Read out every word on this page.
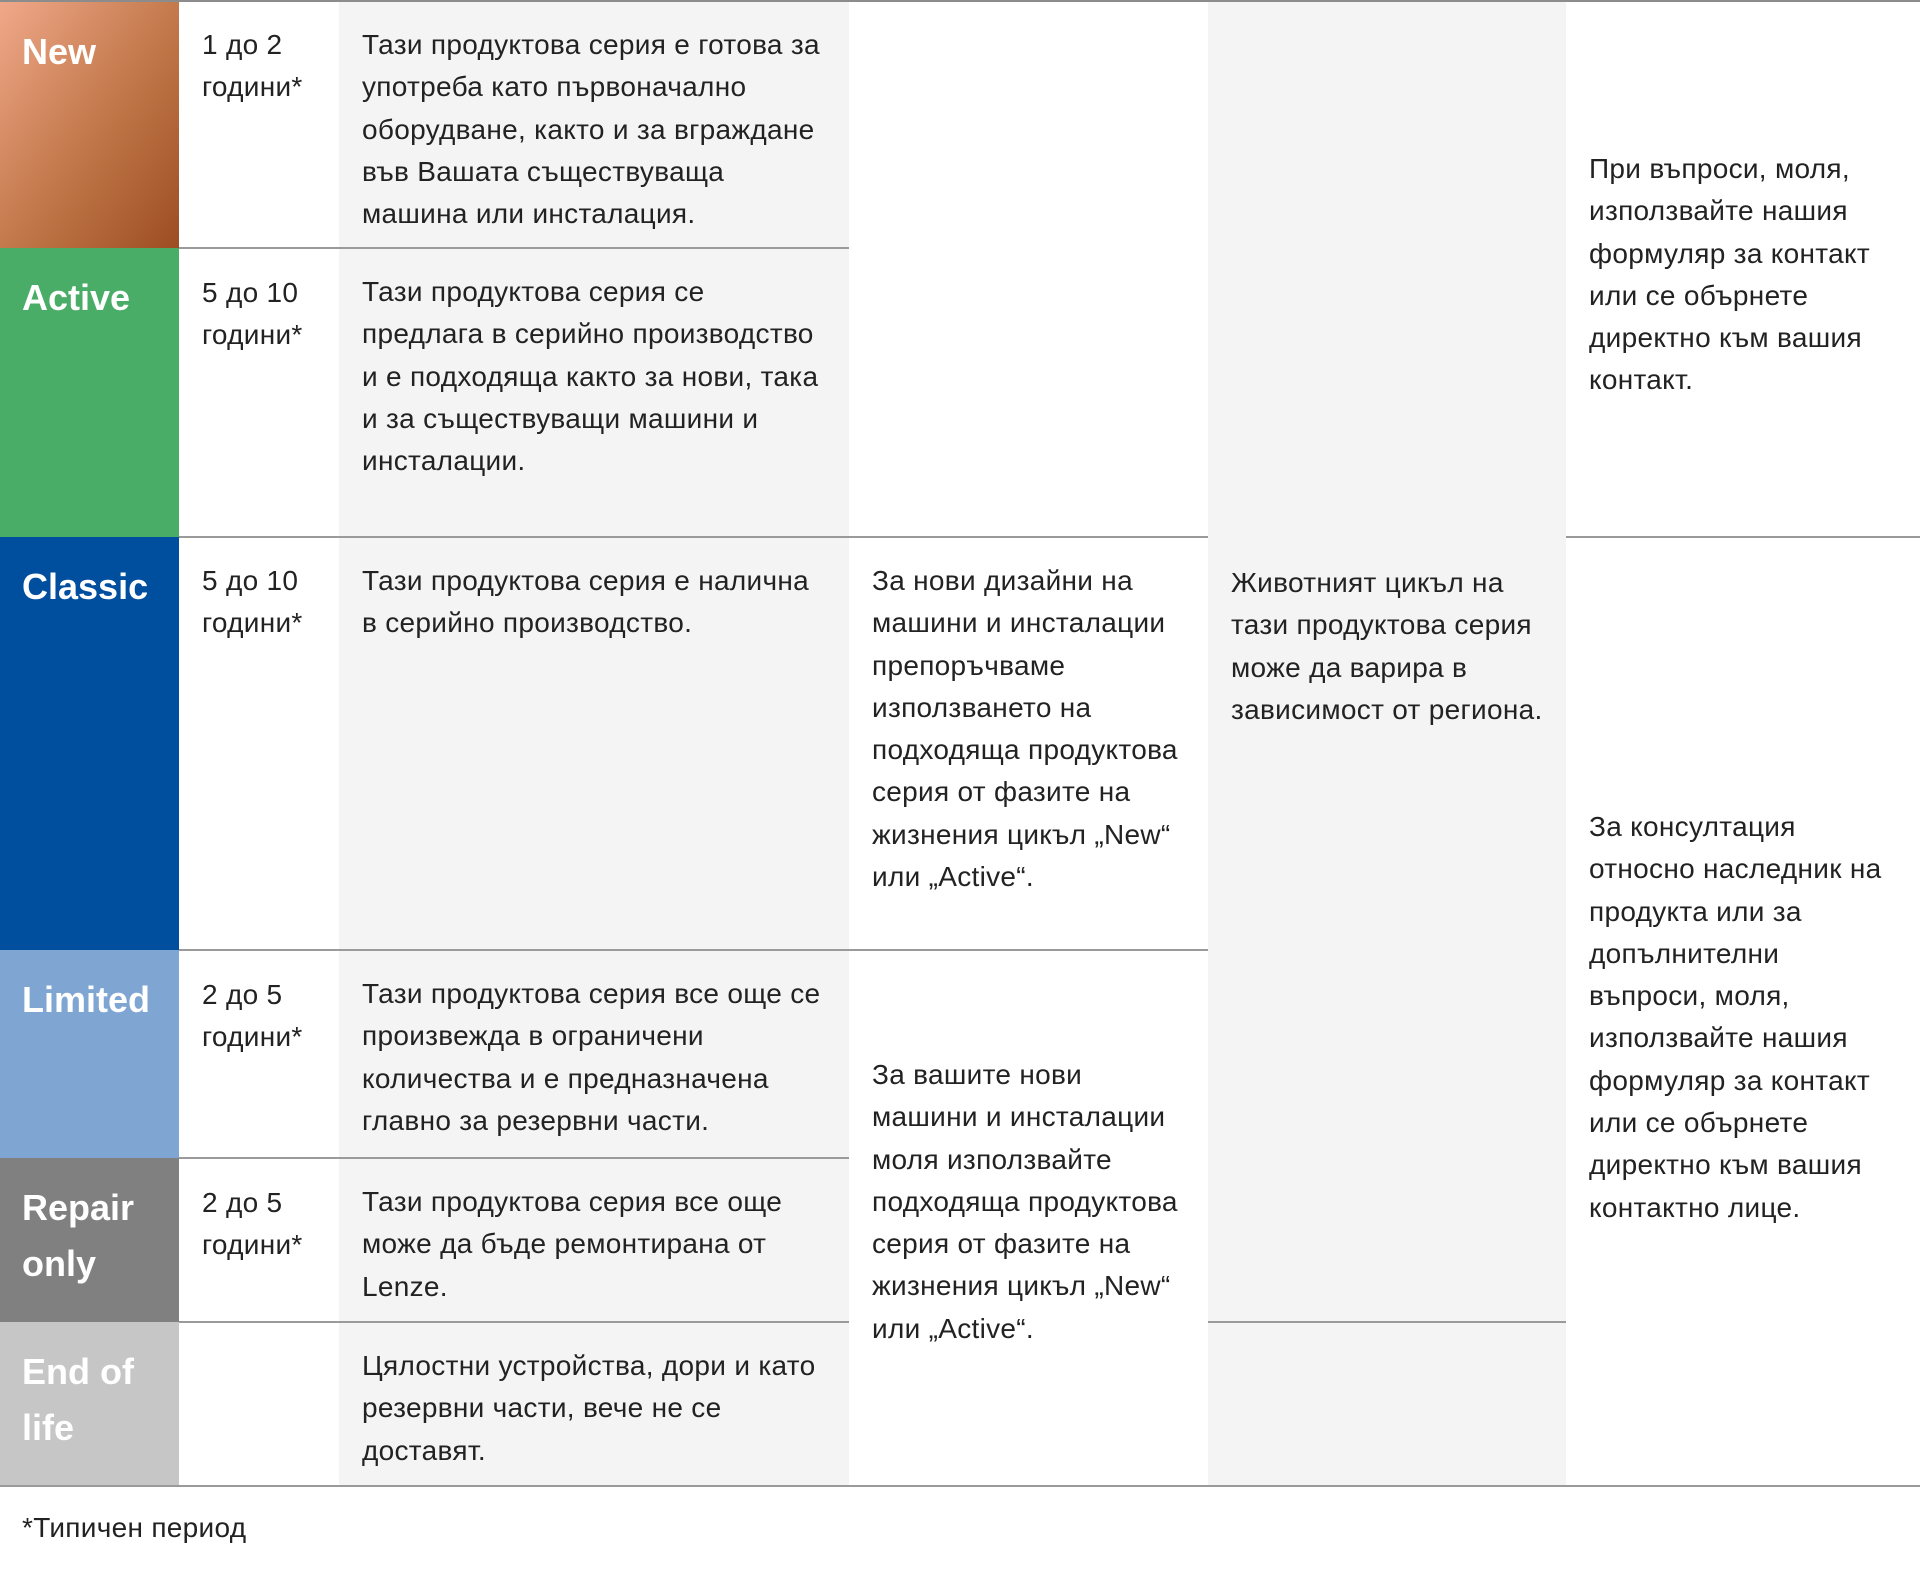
New
Active
Classic
Limited
Repair only
End of life

1 до 2 години*

5 до 10 години*

5 до 10 години*

2 до 5 години*

2 до 5 години*

Тази продуктова серия е готова за употреба като първоначално оборудване, както и за вграждане във Вашата съществуваща машина или инсталация.

Тази продуктова серия се предлага в серийно производство и е подходяща както за нови, така и за съществуващи машини и инсталации.

Тази продуктова серия е налична в серийно производство.

Тази продуктова серия все още се произвежда в ограничени количества и е предназначена главно за резервни части.

Тази продуктова серия все още може да бъде ремонтирана от Lenze.

Цялостни устройства, дори и като резервни части, вече не се доставят.

За нови дизайни на машини и инсталации препоръчваме използването на подходяща продуктова серия от фазите на жизнения цикъл „New“ или „Active“.

За вашите нови машини и инсталации моля използвайте подходяща продуктова серия от фазите на жизнения цикъл „New“ или „Active“.

Животният цикъл на тази продуктова серия може да варира в зависимост от региона.

При въпроси, моля, използвайте нашия формуляр за контакт или се обърнете директно към вашия контакт.

За консултация относно наследник на продукта или за допълнителни въпроси, моля, използвайте нашия формуляр за контакт или се обърнете директно към вашия контактно лице.

*Типичен период
